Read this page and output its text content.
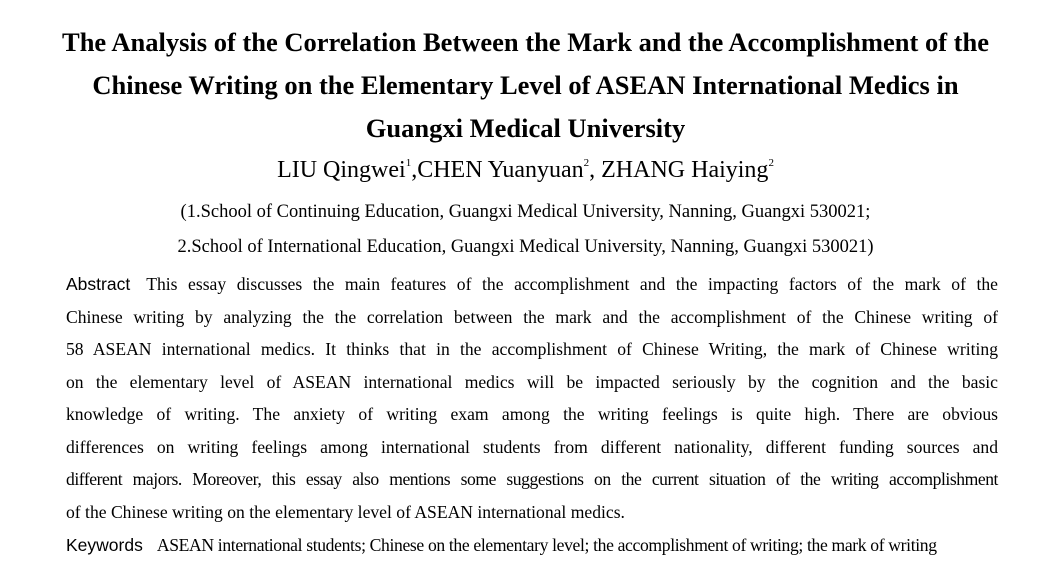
The Analysis of the Correlation Between the Mark and the Accomplishment of the
Chinese Writing on the Elementary Level of ASEAN International Medics in
Guangxi Medical University

LIU Qingwei$^1$,CHEN Yuanyuan$^2$, ZHANG Haiying$^2$

(1.School of Continuing Education, Guangxi Medical University, Nanning, Guangxi 530021;

2.School of International Education, Guangxi Medical University, Nanning, Guangxi 530021)

Abstract This essay discusses the main features of the accomplishment and the impacting factors of the mark of the
Chinese writing by analyzing the the correlation between the mark and the accomplishment of the Chinese writing of
58 ASEAN international medics. It thinks that in the accomplishment of Chinese Writing, the mark of Chinese writing
on the elementary level of ASEAN international medics will be impacted seriously by the cognition and the basic
knowledge of writing. The anxiety of writing exam among the writing feelings is quite high. There are obvious
differences on writing feelings among international students from different nationality, different funding sources and
different majors. Moreover, this essay also mentions some suggestions on the current situation of the writing accomplishment
of the Chinese writing on the elementary level of ASEAN international medics.

Keywords ASEAN international students; Chinese on the elementary level; the accomplishment of writing; the mark of writing
